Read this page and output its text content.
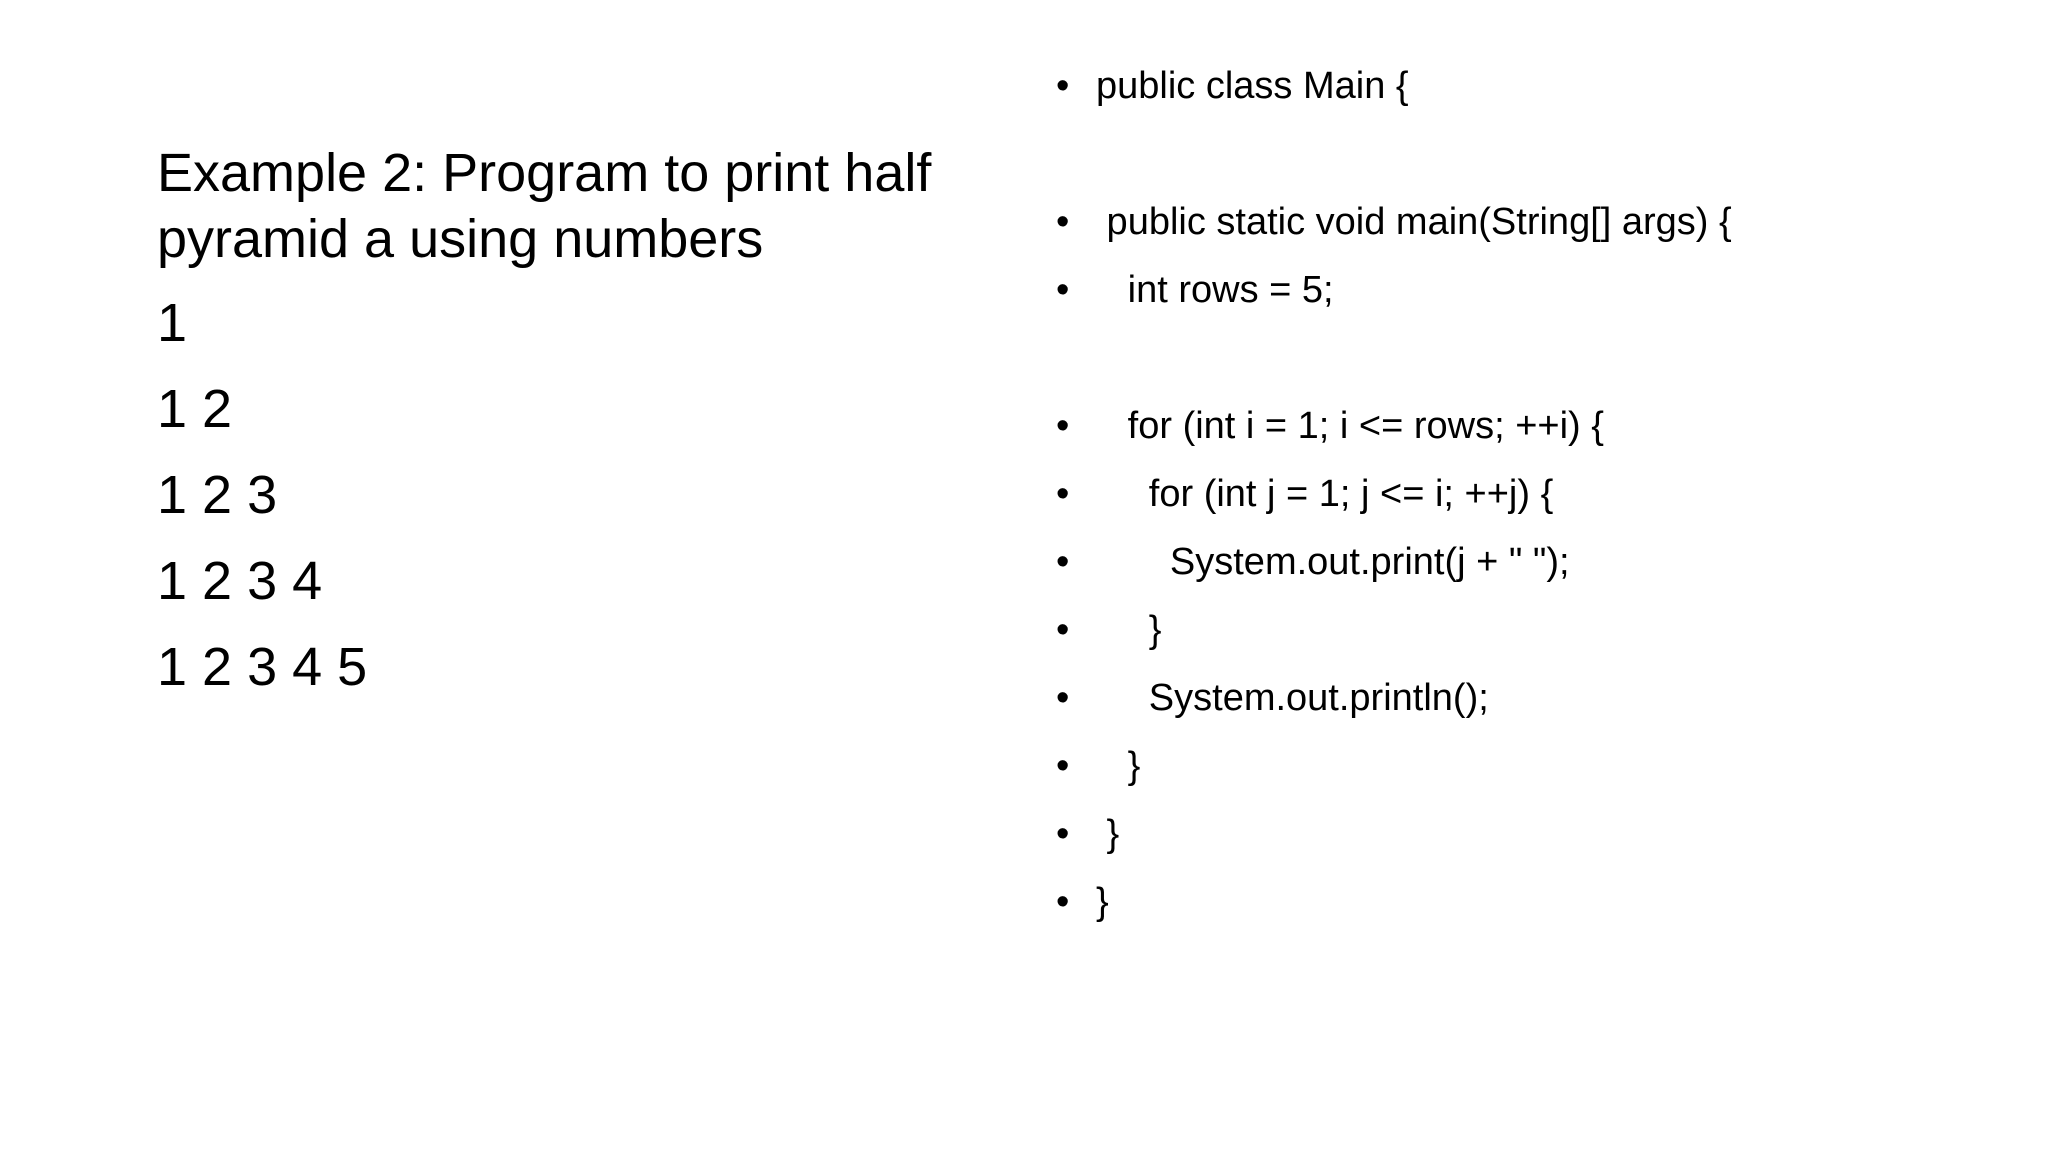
Example 2: Program to print half pyramid a using numbers
1
1 2
1 2 3
1 2 3 4
1 2 3 4 5

•

public class Main {

•

public static void main(String[] args) {

•

int rows = 5;

•

for (int i = 1; i <= rows; ++i) {

•

for (int j = 1; j <= i; ++j) {

•

System.out.print(j + " ");

•

}

•

System.out.println();

•

}

•

}

•

}
